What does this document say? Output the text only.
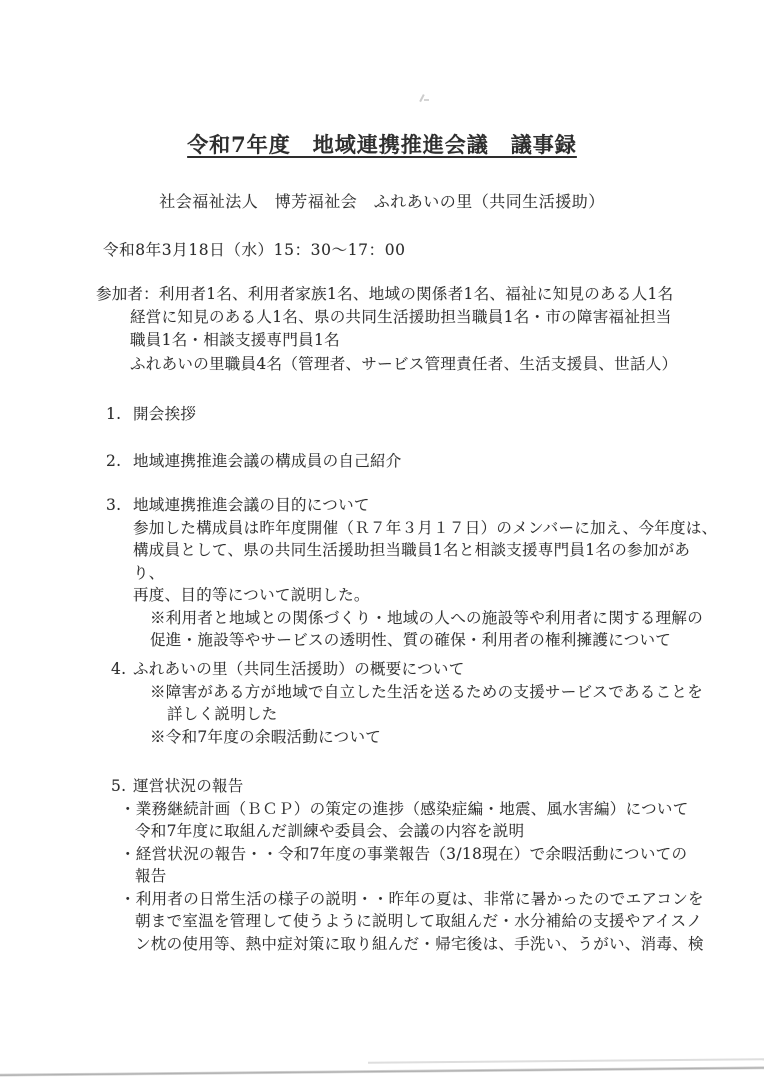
令和7年度　地域連携推進会議　議事録
社会福祉法人　博芳福祉会　ふれあいの里（共同生活援助）
令和8年3月18日（水）15：30～17：00
参加者：利用者1名、利用者家族1名、地域の関係者1名、福祉に知見のある人1名
経営に知見のある人1名、県の共同生活援助担当職員1名・市の障害福祉担当
職員1名・相談支援専門員1名
ふれあいの里職員4名（管理者、サービス管理責任者、生活支援員、世話人）
1. 開会挨拶
2. 地域連携推進会議の構成員の自己紹介
3. 地域連携推進会議の目的について
参加した構成員は昨年度開催（Ｒ７年３月１７日）のメンバーに加え、今年度は、
構成員として、県の共同生活援助担当職員1名と相談支援専門員1名の参加があり、
再度、目的等について説明した。
※利用者と地域との関係づくり・地域の人への施設等や利用者に関する理解の
促進・施設等やサービスの透明性、質の確保・利用者の権利擁護について
4. ふれあいの里（共同生活援助）の概要について
※障害がある方が地域で自立した生活を送るための支援サービスであることを
詳しく説明した
※令和7年度の余暇活動について
5. 運営状況の報告
・業務継続計画（ＢＣＰ）の策定の進捗（感染症編・地震、風水害編）について
令和7年度に取組んだ訓練や委員会、会議の内容を説明
・経営状況の報告・・令和7年度の事業報告（3/18現在）で余暇活動についての
報告
・利用者の日常生活の様子の説明・・昨年の夏は、非常に暑かったのでエアコンを
朝まで室温を管理して使うように説明して取組んだ・水分補給の支援やアイスノ
ン枕の使用等、熱中症対策に取り組んだ・帰宅後は、手洗い、うがい、消毒、検
